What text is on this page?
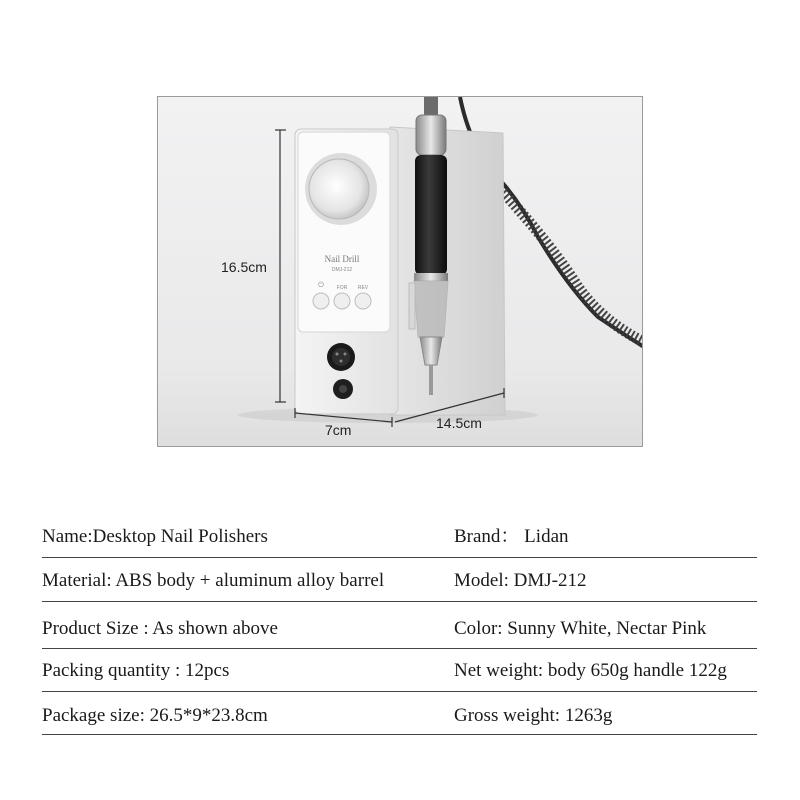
Nail Drill
DMJ-212
⏻	FOR REV
16.5cm
7cm	14.5cm
Name:Desktop Nail Polishers	Brand： Lidan
Material: ABS body + aluminum alloy barrel	Model: DMJ-212
Product Size : As shown above	Color: Sunny White, Nectar Pink
Packing quantity : 12pcs	Net weight: body 650g handle 122g
Package size: 26.5*9*23.8cm	Gross weight: 1263g
